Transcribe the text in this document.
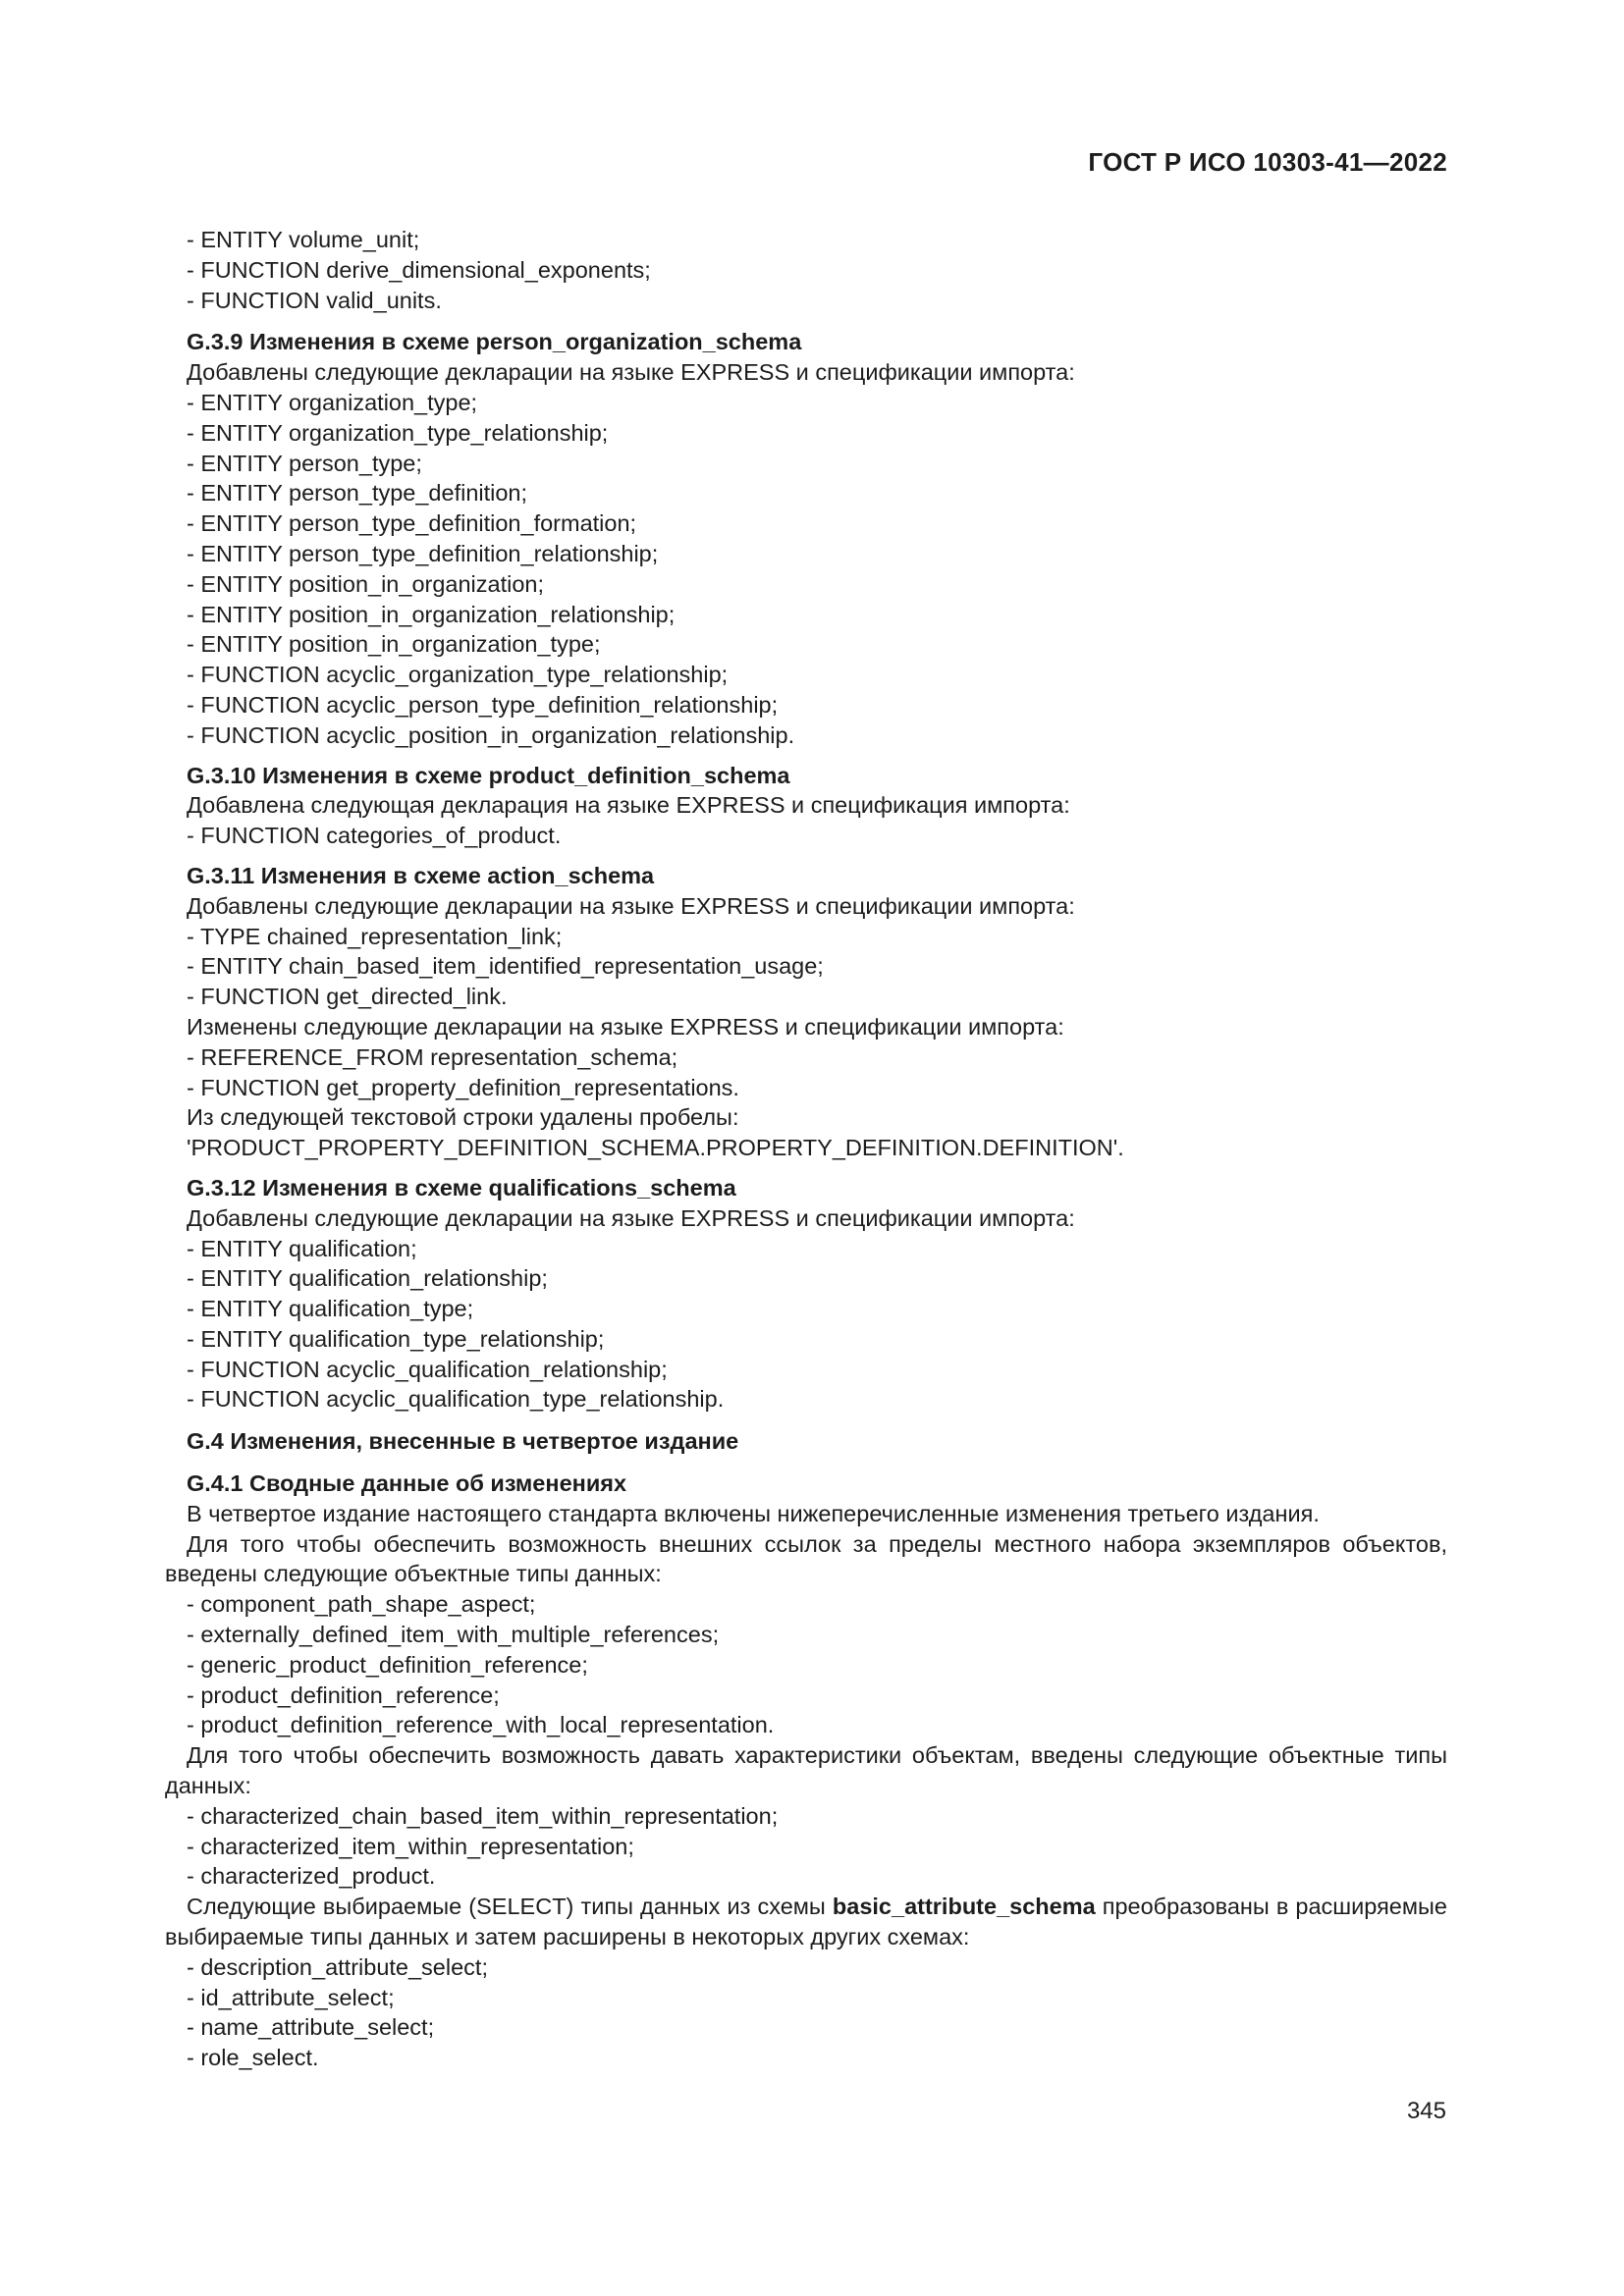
ГОСТ Р ИСО 10303-41—2022
- ENTITY volume_unit;
- FUNCTION derive_dimensional_exponents;
- FUNCTION valid_units.
G.3.9 Изменения в схеме person_organization_schema
Добавлены следующие декларации на языке EXPRESS и спецификации импорта:
- ENTITY organization_type;
- ENTITY organization_type_relationship;
- ENTITY person_type;
- ENTITY person_type_definition;
- ENTITY person_type_definition_formation;
- ENTITY person_type_definition_relationship;
- ENTITY position_in_organization;
- ENTITY position_in_organization_relationship;
- ENTITY position_in_organization_type;
- FUNCTION acyclic_organization_type_relationship;
- FUNCTION acyclic_person_type_definition_relationship;
- FUNCTION acyclic_position_in_organization_relationship.
G.3.10 Изменения в схеме product_definition_schema
Добавлена следующая декларация на языке EXPRESS и спецификация импорта:
- FUNCTION categories_of_product.
G.3.11 Изменения в схеме action_schema
Добавлены следующие декларации на языке EXPRESS и спецификации импорта:
- TYPE chained_representation_link;
- ENTITY chain_based_item_identified_representation_usage;
- FUNCTION get_directed_link.
Изменены следующие декларации на языке EXPRESS и спецификации импорта:
- REFERENCE_FROM representation_schema;
- FUNCTION get_property_definition_representations.
Из следующей текстовой строки удалены пробелы:
'PRODUCT_PROPERTY_DEFINITION_SCHEMA.PROPERTY_DEFINITION.DEFINITION'.
G.3.12 Изменения в схеме qualifications_schema
Добавлены следующие декларации на языке EXPRESS и спецификации импорта:
- ENTITY qualification;
- ENTITY qualification_relationship;
- ENTITY qualification_type;
- ENTITY qualification_type_relationship;
- FUNCTION acyclic_qualification_relationship;
- FUNCTION acyclic_qualification_type_relationship.
G.4 Изменения, внесенные в четвертое издание
G.4.1 Сводные данные об изменениях
В четвертое издание настоящего стандарта включены нижеперечисленные изменения третьего издания.
Для того чтобы обеспечить возможность внешних ссылок за пределы местного набора экземпляров объектов, введены следующие объектные типы данных:
- component_path_shape_aspect;
- externally_defined_item_with_multiple_references;
- generic_product_definition_reference;
- product_definition_reference;
- product_definition_reference_with_local_representation.
Для того чтобы обеспечить возможность давать характеристики объектам, введены следующие объектные типы данных:
- characterized_chain_based_item_within_representation;
- characterized_item_within_representation;
- characterized_product.
Следующие выбираемые (SELECT) типы данных из схемы basic_attribute_schema преобразованы в расширяемые выбираемые типы данных и затем расширены в некоторых других схемах:
- description_attribute_select;
- id_attribute_select;
- name_attribute_select;
- role_select.
345
